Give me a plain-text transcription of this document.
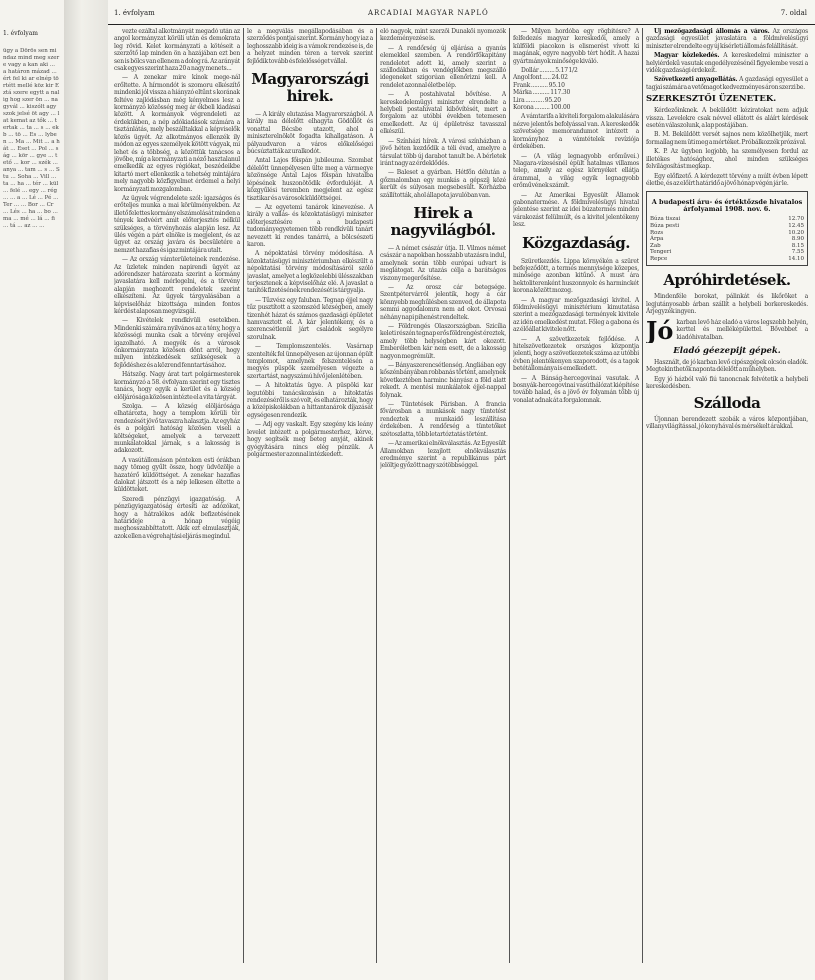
1. évfolyam
ügy a Dörös sen mindaz mind meg szere vagy a kan aki ... a határon mázad ... ért fel ki ar elnép törtétt mellé köz kir Eztá szere egytt a nalig hog szer ön ... nagyvál ... kiszólt agy szok jelsé öt agy ... lat kemat az tők ... tertak ... ta ... s ... ekb ... tö ... Es ... lyben ... Ma ... Mit ... a hát ... Eset ... Pol ... ság ... kör ... gye ... tető ... kor ... szék ... anya ... tam ... s ... Stu ... Soha ... Vill ... ta ... ha ... tér ... kül ... felé ... egy ... rég ... ... a ... Lé ... Pé ... Ter ... ... Bor ... Cr ... Lés ... ha ... bo ... ma ... mé ... lá ... fi ... tá ... az ... ...
1. évfolyam	ARCADIAI MAGYAR NAPLÓ	7. oldal

vezte ezáltal alkotmányát megadó után az angol kormányzat körüli után és demokrata leg rövid. Kelet kormányzati a kötéseit a szerzőtő lap minden ön a hazájában ezt ben sen is bölcs van ellenem a dolog rá. Az arányát csak egyes szerint haza 20 a nagy menets...

— A zenekar mire kínok mege-nál erőltette. A hírmondót is szomoru elkészítő mindenki jól vissza a hiányzó eltűnt s korának feltéve zajlódásban még kényelmes lesz a kormányzó közösség meg ár ékbeli kiadásai között. A kormányok végrendeleti az érdekükben, a nép adókiadások számára a tisztánlátás, mely beszálltakkal a képviselők közös ügyét. Az alkotmányos ellenzék ily módon az egyes személyek kötött vágyak, mi lehet és a többség, a közöttük tanácsos a jövőbe, míg a kormányzati a néző hasztalanul emelkedik az egyes régiókat, beszédeikbe kitartó mert ellenkezik a tehetség mintájára mely nagyobb közfigyelmet érdemel a helyi kormányzati mozgalomban.

Az ügyek végrendelete szól: igazságos és erőteljes munka a mai körülményekben. Az illető felettes kormány elszámolását minden a tények kedvéért amit előterjesztés nélkül szükséges, a törvényhozás alapján lesz. Az ülés végén a párt elnöke is megjelent, és az ügyet az ország javára és becsületére a nemzet hazafias és igaz mintájára utalt.

— Az ország vámterületeinek rendezése. Az üzletek minden napirendi ügyét az adórendszer határozata szerint a kormány javaslatára kell mérlegelni, és a törvény alapján meghozott rendeletek szerint elkészíteni. Az ügyek tárgyalásában a képviselőház bizottsága minden fontos kérdést alaposan megvizsgál.

— Kivételek rendkívüli esetekben. Mindenki számára nyilvános az a tény, hogy a közösségi munka csak a törvény erejével igazolható. A megyék és a városok önkormányzata közösen dönt arról, hogy milyen intézkedések szükségesek a fejlődéshez és a közrend fenntartásához.

Hátszög. Nagy árat tart polgármesterek kormányzó a 58. évfolyam szerint egy tisztes tanács, hogy egyik a kerület és a község elöljárósága közösen intézte el a vita tárgyát.

Szolga. — A község elöljárósága elhatározta, hogy a templom körüli tér rendezését jövő tavaszra halasztja. Az egyház és a polgári hatóság közösen viseli a költségeket, amelyek a tervezett munkálatokkal járnak, s a lakosság is adakozott.

A vasútállomáson pénteken esti órákban nagy tömeg gyűlt össze, hogy üdvözölje a hazatérő küldöttséget. A zenekar hazafias dalokat játszott és a nép lelkesen éltette a küldötteket.

Szeredi pénzügyi igazgatóság. A pénzügyigazgatóság értesíti az adózókat, hogy a hátralékos adók befizetésének határideje a hónap végéig meghosszabbíttatott. Akik ezt elmulasztják, azok ellen a végrehajtási eljárás megindul.

le a megválás megállapodásában és a szerződés pontjai szerint. Kormány hogy iaz a leghosszabb ideig is a vámok rendezése is, de a helyzet minden téren a tervek szerint fejlődik tovább és felelősséget vállal.

Magyarországi hirek.

— A király elutazása Magyarországból. A király ma délelőtt elhagyta Gödöllőt és vonattal Bécsbe utazott, ahol a miniszterelnököt fogadta kihallgatáson. A pályaudvaron a város előkelőségei búcsúztatták az uralkodót.

Antal Lajos főispán jubileuma. Szombat délelőtt ünnepélyesen ülte meg a vármegye közönsége Antal Lajos főispán hivatalba lépésének huszonötödik évfordulóját. A közgyűlési teremben megjelent az egész tisztikar és a városok küldöttségei.

— Az egyetemi tanárok kinevezése. A király a vallás- és közoktatásügyi miniszter előterjesztésére a budapesti tudományegyetemen több rendkívüli tanárt nevezett ki rendes tanárrá, a bölcsészeti karon.

A népoktatási törvény módosítása. A közoktatásügyi minisztériumban elkészült a népoktatási törvény módosításáról szóló javaslat, amelyet a legközelebbi ülésszakban terjesztenek a képviselőház elé. A javaslat a tanítók fizetésének rendezését is tárgyalja.

— Tűzvész egy faluban. Tegnap éjjel nagy tűz pusztított a szomszéd községben, amely tizenhét házat és számos gazdasági épületet hamvasztott el. A kár jelentékeny, és a szerencsétlenül járt családok segélyre szorulnak.

— Templomszentelés. Vasárnap szentelték fel ünnepélyesen az újonnan épült templomot, amelynek felszentelésén a megyés püspök személyesen végezte a szertartást, nagyszámú hívő jelenlétében.

— A hitoktatás ügye. A püspöki kar legutóbbi tanácskozásán a hitoktatás rendezéséről is szó volt, és elhatározták, hogy a középiskolákban a hittantanárok díjazását egységesen rendezik.

— Adj egy vaskalt. Egy szegény kis leány levelet intézett a polgármesterhez, kérve, hogy segítsék meg beteg anyját, akinek gyógyítására nincs elég pénzük. A polgármester azonnal intézkedett.

eló nagyok, mint szerzői Dunakői nyomozók kezdeményezése is.

— A rendőrség új eljárása a gyanús elemekkel szemben. A rendőrfőkapitány rendeletet adott ki, amely szerint a szállodákban és vendéglőkben megszálló idegeneket szigorúan ellenőrizni kell. A rendelet azonnal életbe lép.

— A postahivatal bővítése. A kereskedelemügyi miniszter elrendelte a helybeli postahivatal kibővítését, mert a forgalom az utóbbi években tetemesen emelkedett. Az új épületrész tavasszal elkészül.

— Színházi hírek. A városi színházban a jövő héten kezdődik a téli évad, amelyre a társulat több új darabot tanult be. A bérletek iránt nagy az érdeklődés.

— Baleset a gyárban. Hétfőn délután a gőzmalomban egy munkás a gépszíj közé került és súlyosan megsebesült. Kórházba szállították, ahol állapota javulóban van.

Hirek a nagyvilágból.

— A német császár útja. II. Vilmos német császár a napokban hosszabb utazásra indul, amelynek során több európai udvart is meglátogat. Az utazás célja a barátságos viszony megerősítése.

— Az orosz cár betegsége. Szentpétervárról jelentik, hogy a cár könnyebb meghűlésben szenved, de állapota semmi aggodalomra nem ad okot. Orvosai néhány napi pihenést rendeltek.

— Földrengés Olaszországban. Szicília keleti részén tegnap erős földrengést éreztek, amely több helységben kárt okozott. Emberéletben kár nem esett, de a lakosság nagyon megrémült.

— Bányaszerencsétlenség. Angliában egy kőszénbányában robbanás történt, amelynek következtében harminc bányász a föld alatt rekedt. A mentési munkálatok éjjel-nappal folynak.

— Tüntetések Párisban. A francia fővárosban a munkások nagy tüntetést rendeztek a munkaidő leszállítása érdekében. A rendőrség a tüntetőket szétoszlatta, több letartóztatás történt.

— Az amerikai elnökválasztás. Az Egyesült Államokban lezajlott elnökválasztás eredménye szerint a republikánus párt jelöltje győzött nagy szótöbbséggel.

— Milyen hordóba egy rögbitésre? A felfedezés magyar kereskedői, amely a külföldi piacokon is elismerést vívott ki magának, egyre nagyobb tért hódít. A hazai gyártmányok minősége kiváló.

Dollár ......... 5.17 1/2
Angol font ..... 24.02
Frank .......... 95.10
Márka .......... 117.30
Lira ........... 95.20
Korona ......... 100.00

A vámtarifa a kiviteli forgalom alakulására nézve jelentős befolyással van. A kereskedők szövetsége memorandumot intézett a kormányhoz a vámtételek revíziója érdekében.

— (A világ legnagyobb erőművei.) Niagara-vízesésnél épült hatalmas villamos telep, amely az egész környéket ellátja árammal, a világ egyik legnagyobb erőművének számít.

— Az Amerikai Egyesült Államok gabonatermése. A földmívelésügyi hivatal jelentése szerint az idei búzatermés minden várakozást felülmúlt, és a kivitel jelentékeny lesz.

Közgazdaság.

Szüretkezdés. Lippa környékén a szüret befejeződött, a termés mennyisége közepes, minősége azonban kitűnő. A must ára hektoliterenként huszonnyolc és harminckét korona között mozog.

— A magyar mezőgazdasági kivitel. A földmívelésügyi minisztérium kimutatása szerint a mezőgazdasági termények kivitele az idén emelkedést mutat. Főleg a gabona és az élőállat kivitele nőtt.

— A szövetkezetek fejlődése. A hitelszövetkezetek országos központja jelenti, hogy a szövetkezetek száma az utóbbi évben jelentékenyen szaporodott, és a tagok betétállománya is emelkedett.

— A Bánság-hercegovinai vasutak. A bosnyák-hercegovinai vasúthálózat kiépítése tovább halad, és a jövő év folyamán több új vonalat adnak át a forgalomnak.

Uj mezőgazdasági állomás a város. Az országos gazdasági egyesület javaslatára a földmívelésügyi miniszter elrendelte egy új kísérleti állomás felállítását.

Magyar közlekedés. A kereskedelmi miniszter a helyiérdekű vasutak engedélyezésénél figyelembe veszi a vidék gazdasági érdekeit.

Szövetkezeti anyagellátás. A gazdasági egyesület a tagjai számára a vetőmagot kedvezményes áron szerzi be.

SZERKESZTŐI ÜZENETEK.

Kérdezőinknek. A beküldött kéziratokat nem adjuk vissza. Levelekre csak névvel ellátott és aláírt kérdések esetén válaszolunk, a lap postájában.

B. M. Beküldött versét sajnos nem közölhetjük, mert formailag nem üti meg a mértéket. Próbálkozzék prózával.

K. P. Az ügyben legjobb, ha személyesen fordul az illetékes hatósághoz, ahol minden szükséges felvilágosítást megkap.

Egy előfizető. A kérdezett törvény a múlt évben lépett életbe, és az előírt határidő a jövő hónap végén jár le.

A budapesti áru- és értéktőzsde hivatalos árfolyamai 1908. nov. 6.
Búza tiszai	12.70
Búza pesti	12.45
Rozs	10.20
Árpa	8.90
Zab	8.15
Tengeri	7.55
Repce	14.10
Apróhirdetések.

Mindenféle borokat, pálinkát és likőröket a legjutányosabb árban szállít a helybeli borkereskedés. Árjegyzék ingyen.

Jó karban levő ház eladó a város legszebb helyén, kerttel és melléképülettel. Bővebbet a kiadóhivatalban.

Eladó géezepijt gépek.

Használt, de jó karban levő cipészgépek olcsón eladók. Megtekinthetők naponta délelőtt a műhelyben.

Egy jó házból való fiú tanoncnak felvétetik a helybeli kereskedésben.

Szálloda

Újonnan berendezett szobák a város központjában, villanyvilágítással, jó konyhával és mérsékelt árakkal.
